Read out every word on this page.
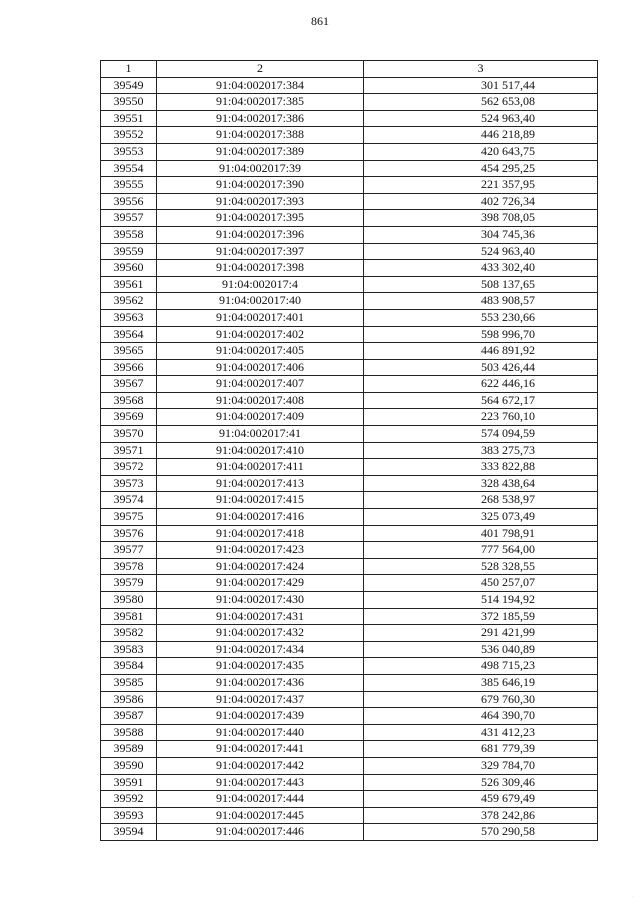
861
1	2	3
39549	91:04:002017:384	301 517,44
39550	91:04:002017:385	562 653,08
39551	91:04:002017:386	524 963,40
39552	91:04:002017:388	446 218,89
39553	91:04:002017:389	420 643,75
39554	91:04:002017:39	454 295,25
39555	91:04:002017:390	221 357,95
39556	91:04:002017:393	402 726,34
39557	91:04:002017:395	398 708,05
39558	91:04:002017:396	304 745,36
39559	91:04:002017:397	524 963,40
39560	91:04:002017:398	433 302,40
39561	91:04:002017:4	508 137,65
39562	91:04:002017:40	483 908,57
39563	91:04:002017:401	553 230,66
39564	91:04:002017:402	598 996,70
39565	91:04:002017:405	446 891,92
39566	91:04:002017:406	503 426,44
39567	91:04:002017:407	622 446,16
39568	91:04:002017:408	564 672,17
39569	91:04:002017:409	223 760,10
39570	91:04:002017:41	574 094,59
39571	91:04:002017:410	383 275,73
39572	91:04:002017:411	333 822,88
39573	91:04:002017:413	328 438,64
39574	91:04:002017:415	268 538,97
39575	91:04:002017:416	325 073,49
39576	91:04:002017:418	401 798,91
39577	91:04:002017:423	777 564,00
39578	91:04:002017:424	528 328,55
39579	91:04:002017:429	450 257,07
39580	91:04:002017:430	514 194,92
39581	91:04:002017:431	372 185,59
39582	91:04:002017:432	291 421,99
39583	91:04:002017:434	536 040,89
39584	91:04:002017:435	498 715,23
39585	91:04:002017:436	385 646,19
39586	91:04:002017:437	679 760,30
39587	91:04:002017:439	464 390,70
39588	91:04:002017:440	431 412,23
39589	91:04:002017:441	681 779,39
39590	91:04:002017:442	329 784,70
39591	91:04:002017:443	526 309,46
39592	91:04:002017:444	459 679,49
39593	91:04:002017:445	378 242,86
39594	91:04:002017:446	570 290,58
·
